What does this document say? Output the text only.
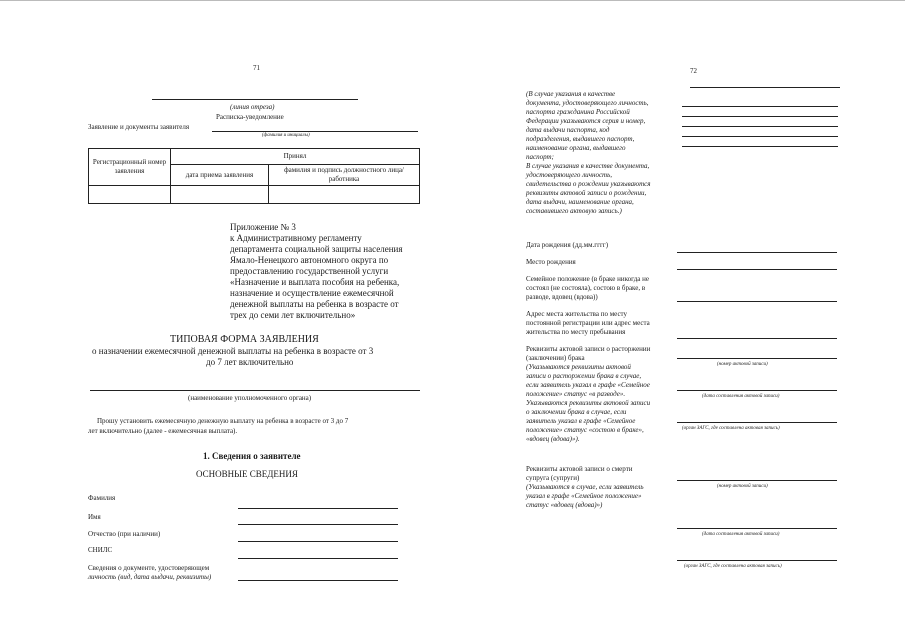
71
(линия отреза)
Расписка-уведомление
Заявление и документы заявителя
(фамилия и инициалы)
Регистрационный номер заявления	Принял	
	дата приема заявления	фамилия и подпись должностного лица/работника

Приложение № 3
к Административному регламенту
департамента социальной защиты населения
Ямало-Ненецкого автономного округа по
предоставлению государственной услуги
«Назначение и выплата пособия на ребенка,
назначение и осуществление ежемесячной
денежной выплаты на ребенка в возрасте от
трех до семи лет включительно»
ТИПОВАЯ ФОРМА ЗАЯВЛЕНИЯ
о назначении ежемесячной денежной выплаты на ребенка в возрасте от 3
до 7 лет включительно
(наименование уполномоченного органа)
Прошу установить ежемесячную денежную выплату на ребенка в возрасте от 3 до 7
лет включительно (далее - ежемесячная выплата).
1. Сведения о заявителе
ОСНОВНЫЕ СВЕДЕНИЯ
Фамилия
Имя
Отчество (при наличии)
СНИЛС
Сведения о документе, удостоверяющем
личность (вид, дата выдачи, реквизиты)
72
(В случае указания в качестве
документа, удостоверяющего личность,
паспорта гражданина Российской
Федерации указываются серия и номер,
дата выдачи паспорта, код
подразделения, выдавшего паспорт,
наименование органа, выдавшего
паспорт;
В случае указания в качестве документа,
удостоверяющего личность,
свидетельства о рождении указываются
реквизиты актовой записи о рождении,
дата выдачи, наименование органа,
составившего актовую запись.)
Дата рождения (дд.мм.гггг)
Место рождения
Семейное положение (в браке никогда не
состоял (не состояла), состою в браке, в
разводе, вдовец (вдова))
Адрес места жительства по месту
постоянной регистрации или адрес места
жительства по месту пребывания
Реквизиты актовой записи о расторжении
(заключении) брака
(Указываются реквизиты актовой
записи о расторжении брака в случае,
если заявитель указал в графе «Семейное
положение» статус «в разводе».
Указываются реквизиты актовой записи
о заключении брака в случае, если
заявитель указал в графе «Семейное
положение» статус «состою в браке»,
«вдовец (вдова)»).
(номер актовой записи)
(дата составления актовой записи)
(орган ЗАГС, где составлена актовая запись)
Реквизиты актовой записи о смерти
супруга (супруги)
(Указываются в случае, если заявитель
указал в графе «Семейное положение»
статус «вдовец (вдова)»)
(номер актовой записи)
(дата составления актовой записи)
(орган ЗАГС, где составлена актовая запись)
